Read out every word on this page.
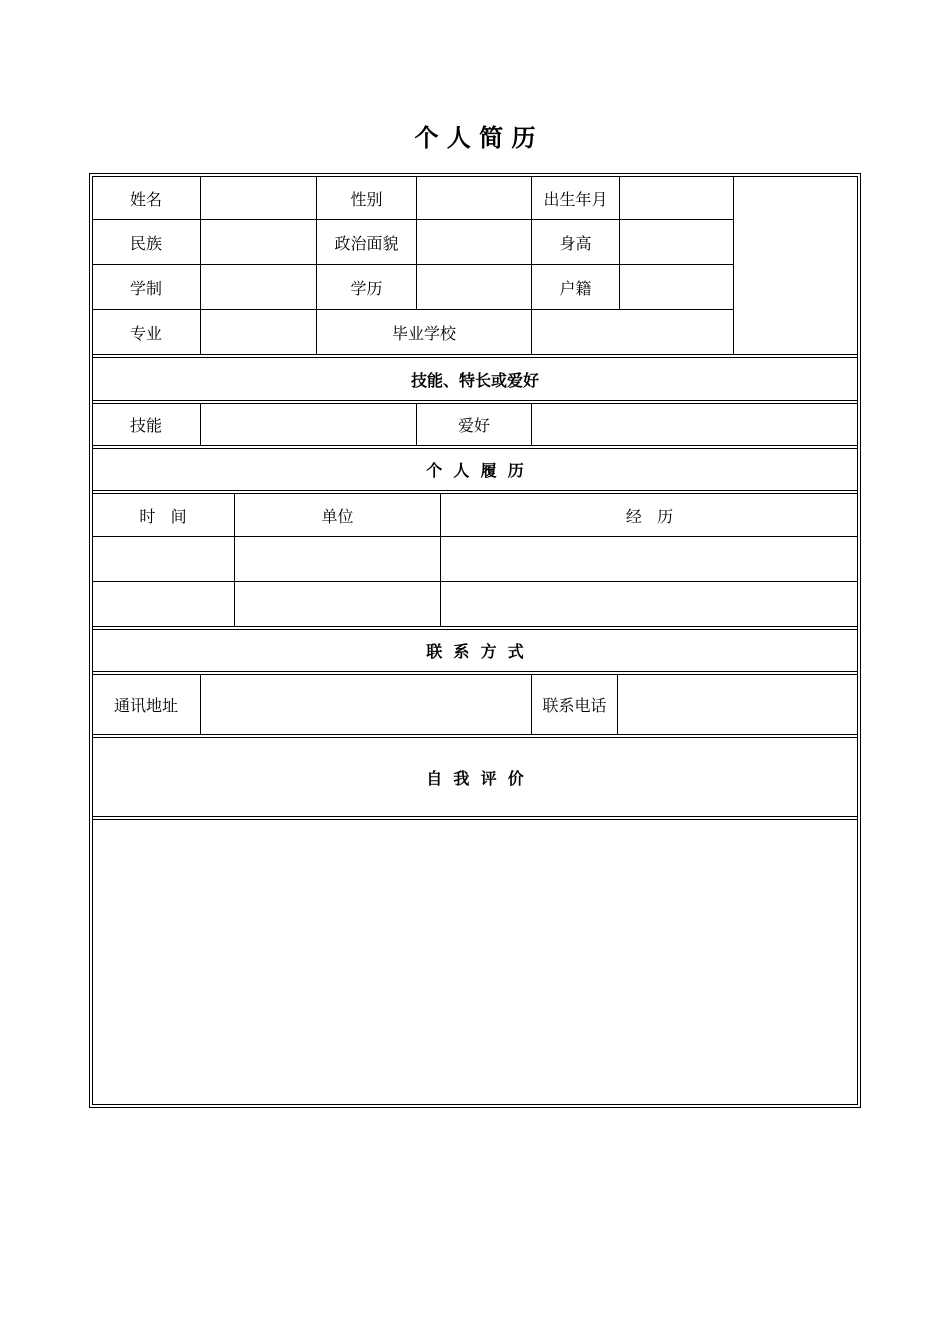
个 人 简 历
姓名	性别	出生年月
民族	政治面貌	身高
学制	学历	户籍
专业	毕业学校
技能、特长或爱好
技能	爱好
个  人  履  历
时   间	单位	经   历
联  系  方  式
通讯地址	联系电话
自  我  评  价
